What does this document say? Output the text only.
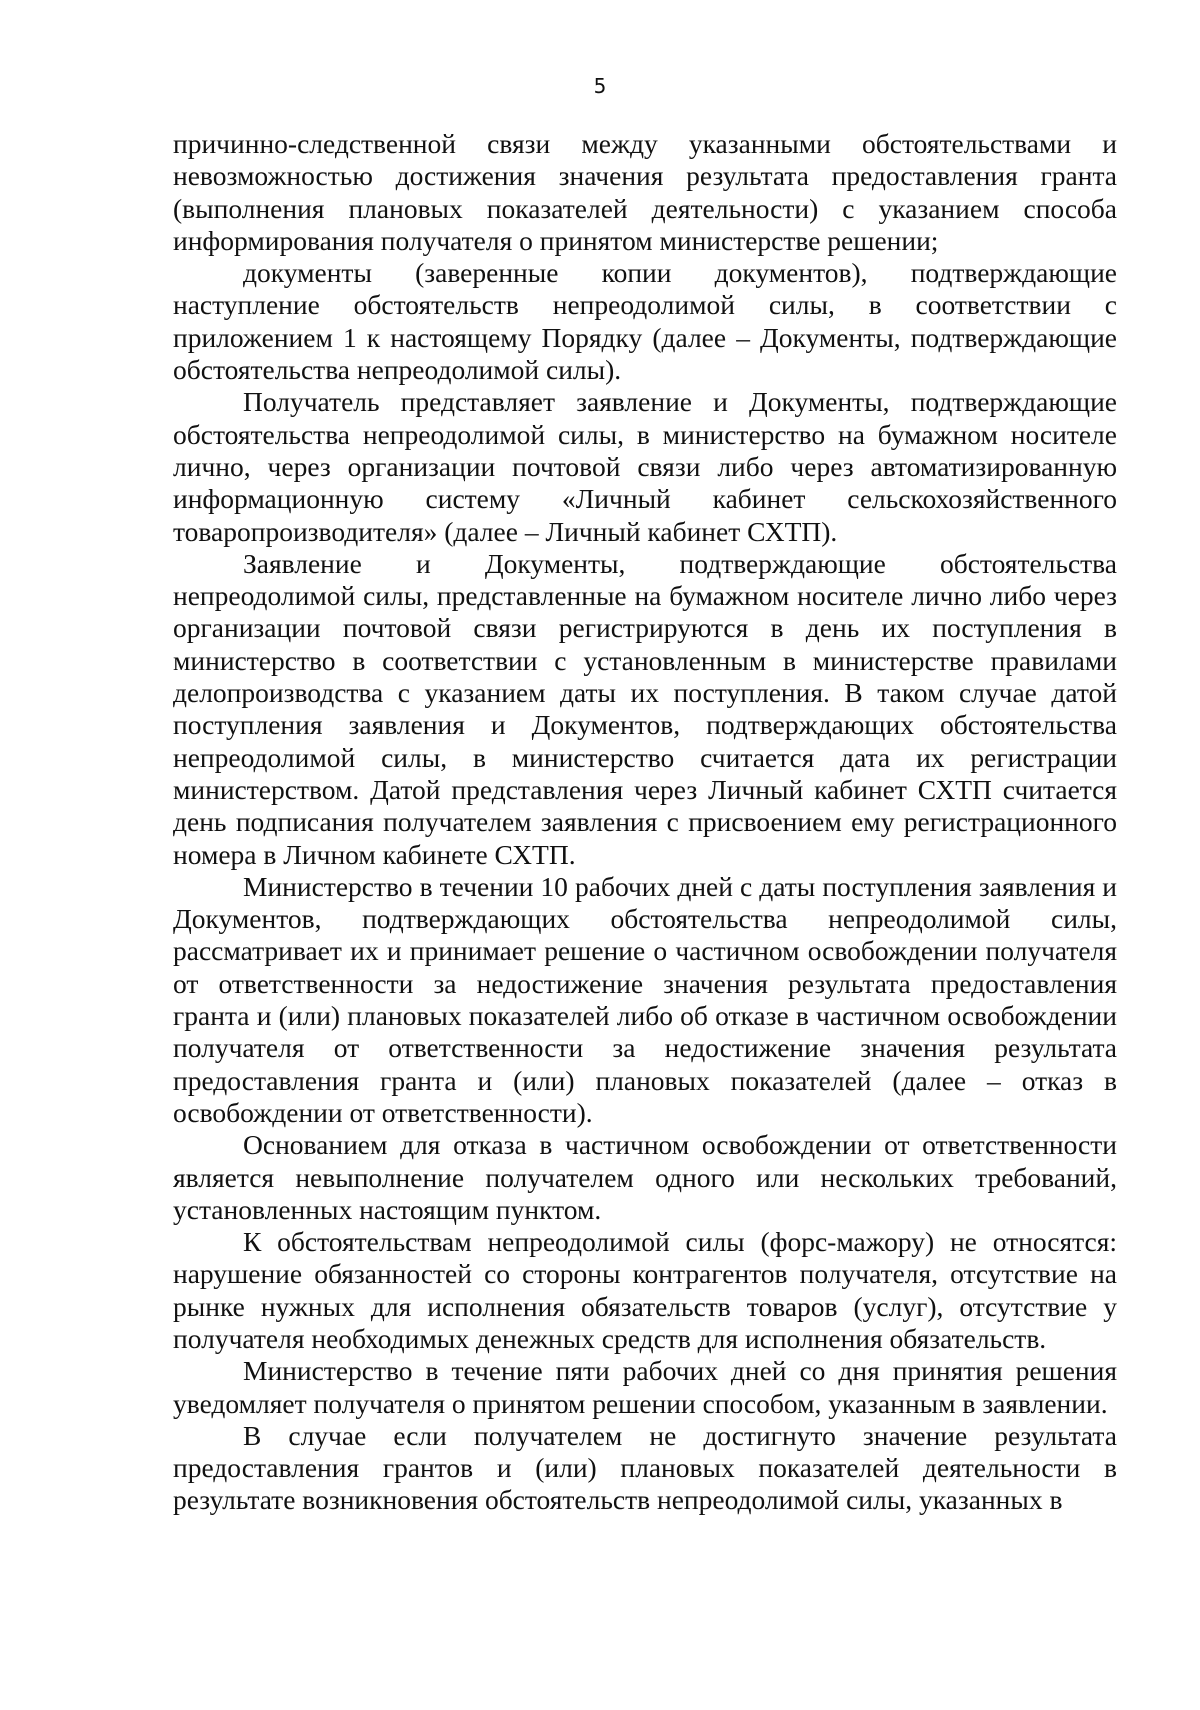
5

причинно-следственной связи между указанными обстоятельствами и невозможностью достижения значения результата предоставления гранта (выполнения плановых показателей деятельности) с указанием способа информирования получателя о принятом министерстве решении;

документы (заверенные копии документов), подтверждающие наступление обстоятельств непреодолимой силы, в соответствии с приложением 1 к настоящему Порядку (далее – Документы, подтверждающие обстоятельства непреодолимой силы).

Получатель представляет заявление и Документы, подтверждающие обстоятельства непреодолимой силы, в министерство на бумажном носителе лично, через организации почтовой связи либо через автоматизированную информационную систему «Личный кабинет сельскохозяйственного товаропроизводителя» (далее – Личный кабинет СХТП).

Заявление и Документы, подтверждающие обстоятельства непреодолимой силы, представленные на бумажном носителе лично либо через организации почтовой связи регистрируются в день их поступления в министерство в соответствии с установленным в министерстве правилами делопроизводства с указанием даты их поступления. В таком случае датой поступления заявления и Документов, подтверждающих обстоятельства непреодолимой силы, в министерство считается дата их регистрации министерством. Датой представления через Личный кабинет СХТП считается день подписания получателем заявления с присвоением ему регистрационного номера в Личном кабинете СХТП.

Министерство в течении 10 рабочих дней с даты поступления заявления и Документов, подтверждающих обстоятельства непреодолимой силы, рассматривает их и принимает решение о частичном освобождении получателя от ответственности за недостижение значения результата предоставления гранта и (или) плановых показателей либо об отказе в частичном освобождении получателя от ответственности за недостижение значения результата предоставления гранта и (или) плановых показателей (далее – отказ в освобождении от ответственности).

Основанием для отказа в частичном освобождении от ответственности является невыполнение получателем одного или нескольких требований, установленных настоящим пунктом.

К обстоятельствам непреодолимой силы (форс-мажору) не относятся: нарушение обязанностей со стороны контрагентов получателя, отсутствие на рынке нужных для исполнения обязательств товаров (услуг), отсутствие у получателя необходимых денежных средств для исполнения обязательств.

Министерство в течение пяти рабочих дней со дня принятия решения уведомляет получателя о принятом решении способом, указанным в заявлении.

В случае если получателем не достигнуто значение результата предоставления грантов и (или) плановых показателей деятельности в результате возникновения обстоятельств непреодолимой силы, указанных в
